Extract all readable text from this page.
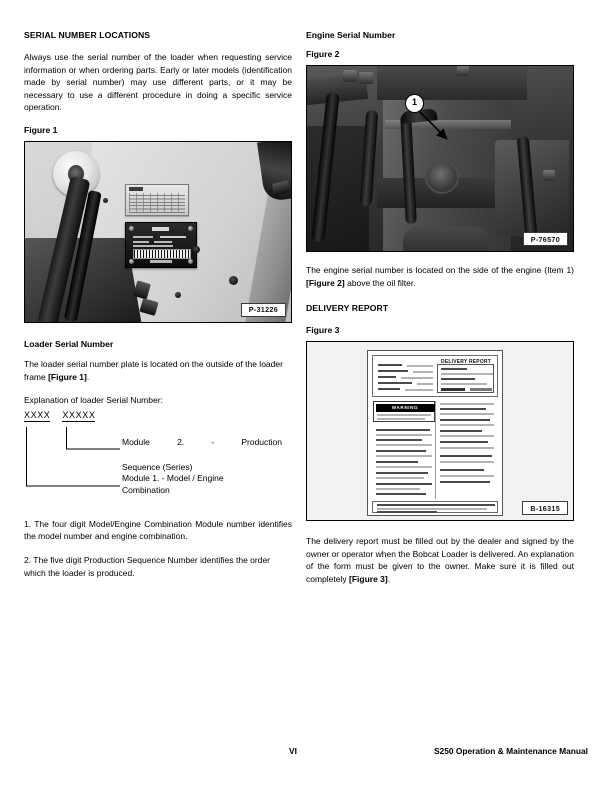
SERIAL NUMBER LOCATIONS

Always use the serial number of the loader when requesting service information or when ordering parts. Early or later models (identification made by serial number) may use different parts, or it may be necessary to use a different procedure in doing a specific service operation.

Figure 1
P-31226
Loader Serial Number

The loader serial number plate is located on the outside of the loader frame [Figure 1].

Explanation of loader Serial Number:

XXXX XXXXX
Module 2. - Production
Sequence (Series)
Module 1. - Model / Engine
Combination

1. The four digit Model/Engine Combination Module number identifies the model number and engine combination.

2. The five digit Production Sequence Number identifies the order which the loader is produced.

Engine Serial Number
Figure 2
1
P-76570

The engine serial number is located on the side of the engine (Item 1) [Figure 2] above the oil filter.

DELIVERY REPORT
Figure 3
DELIVERY REPORT
WARNING
B-16315

The delivery report must be filled out by the dealer and signed by the owner or operator when the Bobcat Loader is delivered. An explanation of the form must be given to the owner. Make sure it is filled out completely [Figure 3].

VI	S250 Operation & Maintenance Manual
